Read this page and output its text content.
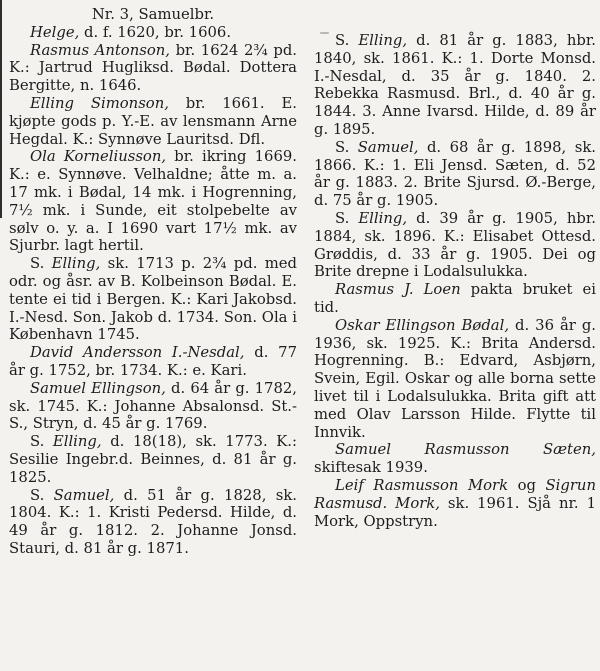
Nr. 3, Samuelbr.

Helge, d. f. 1620, br. 1606.

Rasmus Antonson, br. 1624 2¾ pd. K.: Jartrud Hugliksd. Bødal. Dottera Bergitte, n. 1646.

Elling Simonson, br. 1661. E. kjøpte gods p. Y.-E. av lensmann Arne Hegdal. K.: Synnøve Lauritsd. Dfl.

Ola Korneliusson, br. ikring 1669. K.: e. Synnøve. Velhaldne; åtte m. a. 17 mk. i Bødal, 14 mk. i Hogrenning, 7½ mk. i Sunde, eit stolpebelte av sølv o. y. a. I 1690 vart 17½ mk. av Sjurbr. lagt hertil.

S. Elling, sk. 1713 p. 2¾ pd. med odr. og åsr. av B. Kolbeinson Bødal. E. tente ei tid i Bergen. K.: Kari Jakobsd. I.-Nesd. Son. Jakob d. 1734. Son. Ola i København 1745.

David Andersson I.-Nesdal, d. 77 år g. 1752, br. 1734. K.: e. Kari.

Samuel Ellingson, d. 64 år g. 1782, sk. 1745. K.: Johanne Absalonsd. St.-S., Stryn, d. 45 år g. 1769.

S. Elling, d. 18(18), sk. 1773. K.: Sesilie Ingebr.d. Beinnes, d. 81 år g. 1825.

S. Samuel, d. 51 år g. 1828, sk. 1804. K.: 1. Kristi Pedersd. Hilde, d. 49 år g. 1812. 2. Johanne Jonsd. Stauri, d. 81 år g. 1871.

S. Elling, d. 81 år g. 1883, hbr. 1840, sk. 1861. K.: 1. Dorte Monsd. I.-Nesdal, d. 35 år g. 1840. 2. Rebekka Rasmusd. Brl., d. 40 år g. 1844. 3. Anne Ivarsd. Hilde, d. 89 år g. 1895.

S. Samuel, d. 68 år g. 1898, sk. 1866. K.: 1. Eli Jensd. Sæten, d. 52 år g. 1883. 2. Brite Sjursd. Ø.-Berge, d. 75 år g. 1905.

S. Elling, d. 39 år g. 1905, hbr. 1884, sk. 1896. K.: Elisabet Ottesd. Grøddis, d. 33 år g. 1905. Dei og Brite drepne i Lodalsulukka.

Rasmus J. Loen pakta bruket ei tid.

Oskar Ellingson Bødal, d. 36 år g. 1936, sk. 1925. K.: Brita Andersd. Hogrenning. B.: Edvard, Asbjørn, Svein, Egil. Oskar og alle borna sette livet til i Lodalsulukka. Brita gift att med Olav Larsson Hilde. Flytte til Innvik.

Samuel Rasmusson Sæten, skiftesak 1939.

Leif Rasmusson Mork og Sigrun Rasmusd. Mork, sk. 1961. Sjå nr. 1 Mork, Oppstryn.
